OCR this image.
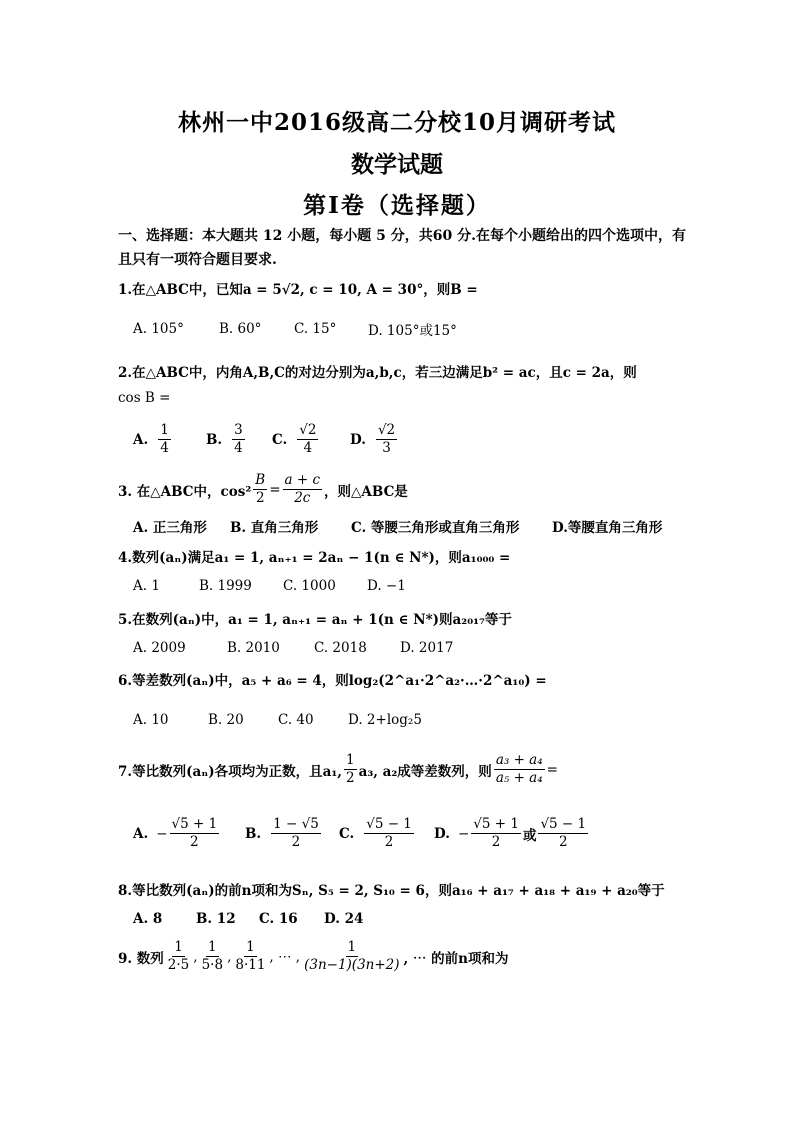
林州一中2016级高二分校10月调研考试
数学试题
第Ⅰ卷（选择题）
一、选择题：本大题共 12 小题，每小题 5 分，共60 分.在每个小题给出的四个选项中，有
且只有一项符合题目要求.
1.在△ABC中，已知a = 5√2, c = 10, A = 30°，则B =
A. 105°	B. 60°	C. 15°	D. 105°或15°
2.在△ABC中，内角A,B,C的对边分别为a,b,c，若三边满足b² = ac，且c = 2a，则
cos B =
A. $\frac{1}{4}$	B. $\frac{3}{4} C$. $\frac{√2}{4} D$. $\frac{√2}{3}$
3. 在△ABC中，$\cos^2 \frac{B}{2} = \frac{a + c}{2c}$ ，则△ABC是
A. 正三角形	B. 直角三角形	C. 等腰三角形或直角三角形	D.等腰直角三角形
4.数列(aₙ)满足a₁ = 1, aₙ₊₁ = 2aₙ − 1(n ∈ N*)，则a₁₀₀₀ =
A. 1	B. 1999	C. 1000	D. −1
5.在数列(aₙ)中，a₁ = 1, aₙ₊₁ = aₙ + 1(n ∈ N*)则a₂₀₁₇等于
A. 2009	B. 2010	C. 2018	D. 2017
6.等差数列(aₙ)中，a₅ + a₆ = 4，则log₂(2^a₁·2^a₂·…·2^a₁₀) =
A. 10	B. 20	C. 40	D. 2+log₂5
7.等比数列(aₙ)各项均为正数，且a₁, $\frac{1}{2} a_3$, a₂成等差数列，则 $\frac{\text{a₃ + a₄}}{\text{a₅ + a₄}}$ =
A. − $\frac{√5 + 1}{2} B$. $\frac{1 - √5}{2} C$. $\frac{√5 - 1}{2} D$. − $\frac{√5 + 1}{2}$ 或 $\frac{√5 - 1}{2}$
8.等比数列(aₙ)的前n项和为Sₙ, S₅ = 2, S₁₀ = 6，则a₁₆ + a₁₇ + a₁₈ + a₁₉ + a₂₀等于
A. 8	B. 12	C. 16	D. 24
9. 数列 $\frac{1}{2\cdot 5}$ , $\frac{1}{5\cdot 8}$ , $\frac{1}{8\cdot 11}$ , ⋯ , $\frac{1}{(3n-1)(3n+2)}$ , ⋯ 的前n项和为
